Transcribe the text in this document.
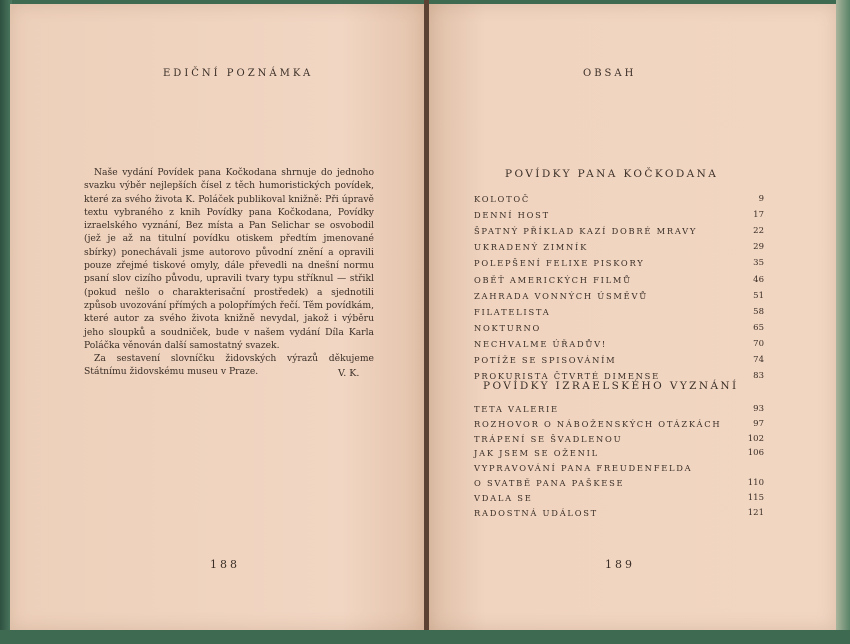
EDIČNÍ POZNÁMKA

Naše vydání Povídek pana Kočkodana shrnuje do jednoho svazku výběr nejlepších čísel z těch humoristických povídek, které za svého života K. Poláček publikoval knižně: Při úpravě textu vybraného z knih Povídky pana Kočkodana, Povídky izraelského vyznání, Bez místa a Pan Selichar se osvobodil (jež je až na titulní povídku otiskem předtím jmenované sbírky) ponechávali jsme autorovo původní znění a opravili pouze zřejmé tiskové omyly, dále převedli na dnešní normu psaní slov cizího původu, upravili tvary typu stříknul — střikl (pokud nešlo o charakterisační prostředek) a sjednotili způsob uvozování přímých a polopřímých řečí. Těm povídkám, které autor za svého života knižně nevydal, jakož i výběru jeho sloupků a soudniček, bude v našem vydání Díla Karla Poláčka věnován další samostatný svazek.

Za sestavení slovníčku židovských výrazů děkujeme Státnímu židovskému museu v Praze.	V. K.
188
OBSAH
POVÍDKY PANA KOČKODANA
KOLOTOČ	9
DENNÍ HOST	17
ŠPATNÝ PŘÍKLAD KAZÍ DOBRÉ MRAVY	22
UKRADENÝ ZIMNÍK	29
POLEPŠENÍ FELIXE PISKORY	35
OBĚŤ AMERICKÝCH FILMŮ	46
ZAHRADA VONNÝCH ÚSMĚVŮ	51
FILATELISTA	58
NOKTURNO	65
NECHVALME ÚŘADŮV!	70
POTÍŽE SE SPISOVÁNÍM	74
PROKURISTA ČTVRTÉ DIMENSE	83
POVÍDKY IZRAELSKÉHO VYZNÁNÍ
TETA VALERIE	93
ROZHOVOR O NÁBOŽENSKÝCH OTÁZKÁCH	97
TRÁPENÍ SE ŠVADLENOU	102
JAK JSEM SE OŽENIL	106
VYPRAVOVÁNÍ PANA FREUDENFELDA
O SVATBĚ PANA PAŠKESE	110
VDALA SE	115
RADOSTNÁ UDÁLOST	121
189
